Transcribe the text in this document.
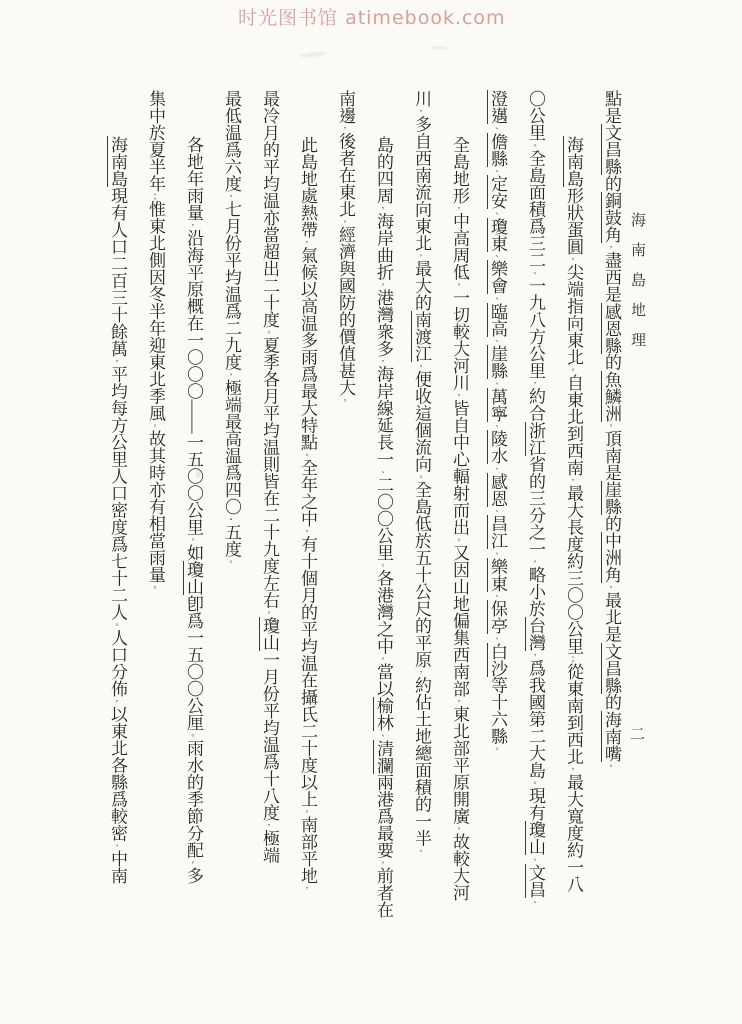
时光图书馆 atimebook.com
海南島地理
二
點是文昌縣的銅鼓角，盡西是感恩縣的魚鱗洲，頂南是崖縣的中洲角，最北是文昌縣的海南嘴。
海南島形狀蛋圓，尖端指向東北。自東北到西南，最大長度約三〇〇公里；從東南到西北，最大寬度約一八
〇公里。全島面積爲三二、一九八方公里，約合浙江省的三分之一，略小於台灣，爲我國第二大島。現有瓊山、文昌、
澄邁、儋縣、定安、瓊東、樂會、臨高、崖縣、萬寧、陵水、感恩、昌江、樂東、保亭、白沙等十六縣。
全島地形，中高周低，一切較大河川，皆自中心輻射而出。又因山地偏集西南部，東北部平原開廣，故較大河
川，多自西南流向東北，最大的南渡江，便收這個流向。全島低於五十公尺的平原，約佔土地總面積的一半。
島的四周，海岸曲折，港灣衆多，海岸線延長一、二〇〇公里。各港灣之中，當以榆林、清瀾兩港爲最要，前者在
南邊，後者在東北，經濟與國防的價值甚大。
此島地處熱帶，氣候以高温多雨爲最大特點。全年之中，有十個月的平均温在攝氏二十度以上，南部平地，
最冷月的平均温亦當超出二十度。夏季各月平均温則皆在二十九度左右，瓊山一月份平均温爲十八度，極端
最低温爲六度，七月份平均温爲二九度，極端最高温爲四〇・五度。
各地年雨量，沿海平原概在一〇〇〇——一五〇〇公里，如瓊山卽爲一五〇〇公厘。雨水的季節分配，多
集中於夏半年；惟東北側因冬半年迎東北季風，故其時亦有相當雨量。
海南島現有人口二百三十餘萬，平均每方公里人口密度爲七十二人。人口分佈，以東北各縣爲較密，中南
